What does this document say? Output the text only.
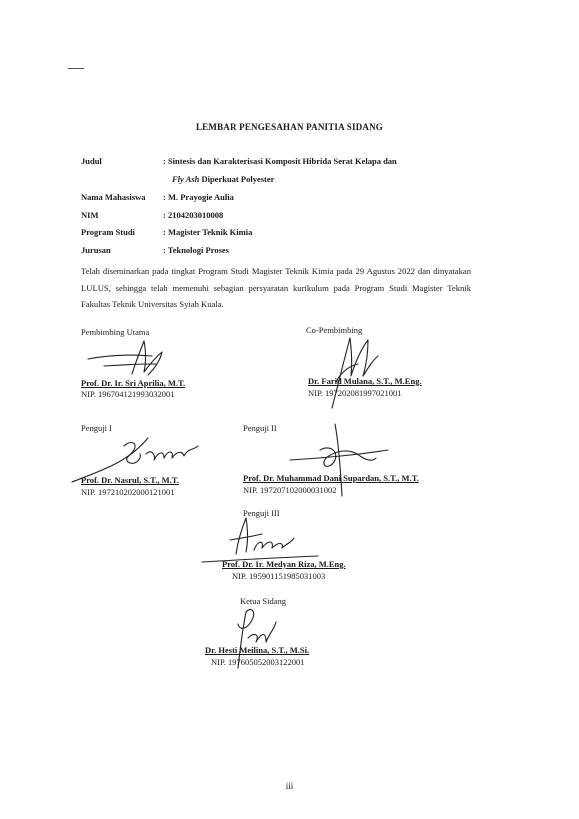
LEMBAR PENGESAHAN PANITIA SIDANG
Judul	: Sintesis dan Karakterisasi Komposit Hibrida Serat Kelapa dan
Fly Ash Diperkuat Polyester
Nama Mahasiswa : M. Prayogie Aulia
NIM	: 2104203010008
Program Studi	: Magister Teknik Kimia
Jurusan	: Teknologi Proses
Telah diseminarkan pada tingkat Program Studi Magister Teknik Kimia pada 29 Agustus 2022 dan dinyatakan LULUS, sehingga telah memenuhi sebagian persyaratan kurikulum pada Program Studi Magister Teknik Fakultas Teknik Universitas Syiah Kuala.
Pembimbing Utama
Prof. Dr. Ir. Sri Aprilia, M.T.
NIP. 196704121993032001
Co-Pembimbing
Dr. Farid Mulana, S.T., M.Eng.
NIP. 197202081997021001
Penguji I
Prof. Dr. Nasrul, S.T., M.T.
NIP. 197210202000121001
Penguji II
Prof. Dr. Muhammad Dani Supardan, S.T., M.T.
NIP. 197207102000031002
Penguji III
Prof. Dr. Ir. Medyan Riza, M.Eng.
NIP. 195901151985031003
Ketua Sidang
Dr. Hesti Meilina, S.T., M.Si.
NIP. 197605052003122001
iii
